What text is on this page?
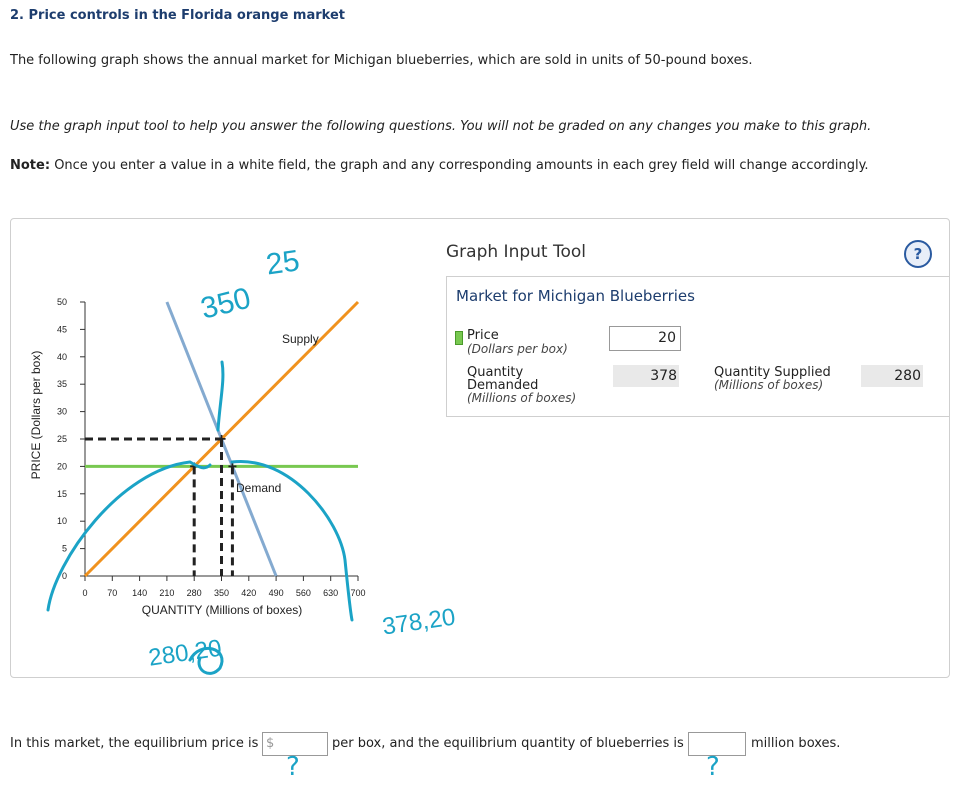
2. Price controls in the Florida orange market
The following graph shows the annual market for Michigan blueberries, which are sold in units of 50-pound boxes.
Use the graph input tool to help you answer the following questions. You will not be graded on any changes you make to this graph.
Note: Once you enter a value in a white field, the graph and any corresponding amounts in each grey field will change accordingly.
0 70 140 210 280 350 420 490 560 630 700
0
5
10
15
20
25
30
35
40
45
50
+
+ +
QUANTITY (Millions of boxes)
PRICE (Dollars per box)
Supply
Demand
25
350
280,20
378,20
Graph Input Tool	?
Market for Michigan Blueberries
Price
(Dollars per box)
20
Quantity Demanded
(Millions of boxes)
378	Quantity Supplied
(Millions of boxes)
280
In this market, the equilibrium price is $	per box, and the equilibrium quantity of blueberries is	million boxes.
?	?
